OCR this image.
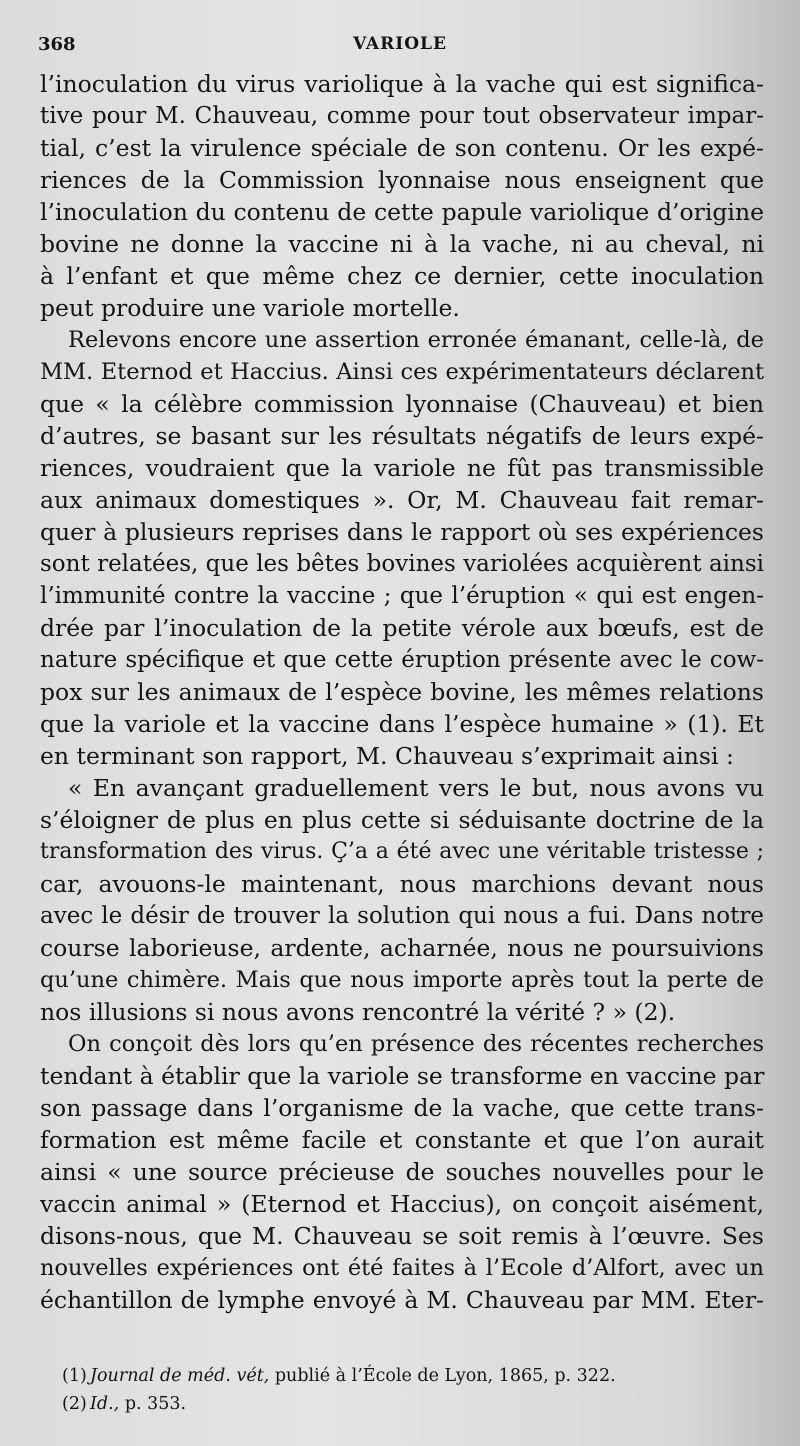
368	VARIOLE
l’inoculation du virus variolique à la vache qui est significa-
tive pour M. Chauveau, comme pour tout observateur impar-
tial, c’est la virulence spéciale de son contenu. Or les expé-
riences de la Commission lyonnaise nous enseignent que
l’inoculation du contenu de cette papule variolique d’origine
bovine ne donne la vaccine ni à la vache, ni au cheval, ni
à l’enfant et que même chez ce dernier, cette inoculation
peut produire une variole mortelle.
Relevons encore une assertion erronée émanant, celle-là, de
MM. Eternod et Haccius. Ainsi ces expérimentateurs déclarent
que « la célèbre commission lyonnaise (Chauveau) et bien
d’autres, se basant sur les résultats négatifs de leurs expé-
riences, voudraient que la variole ne fût pas transmissible
aux animaux domestiques ». Or, M. Chauveau fait remar-
quer à plusieurs reprises dans le rapport où ses expériences
sont relatées, que les bêtes bovines variolées acquièrent ainsi
l’immunité contre la vaccine ; que l’éruption « qui est engen-
drée par l’inoculation de la petite vérole aux bœufs, est de
nature spécifique et que cette éruption présente avec le cow-
pox sur les animaux de l’espèce bovine, les mêmes relations
que la variole et la vaccine dans l’espèce humaine » (1). Et
en terminant son rapport, M. Chauveau s’exprimait ainsi :
« En avançant graduellement vers le but, nous avons vu
s’éloigner de plus en plus cette si séduisante doctrine de la
transformation des virus. Ç’a a été avec une véritable tristesse ;
car, avouons-le maintenant, nous marchions devant nous
avec le désir de trouver la solution qui nous a fui. Dans notre
course laborieuse, ardente, acharnée, nous ne poursuivions
qu’une chimère. Mais que nous importe après tout la perte de
nos illusions si nous avons rencontré la vérité ? » (2).
On conçoit dès lors qu’en présence des récentes recherches
tendant à établir que la variole se transforme en vaccine par
son passage dans l’organisme de la vache, que cette trans-
formation est même facile et constante et que l’on aurait
ainsi « une source précieuse de souches nouvelles pour le
vaccin animal » (Eternod et Haccius), on conçoit aisément,
disons-nous, que M. Chauveau se soit remis à l’œuvre. Ses
nouvelles expériences ont été faites à l’Ecole d’Alfort, avec un
échantillon de lymphe envoyé à M. Chauveau par MM. Eter-
(1) Journal de méd. vét, publié à l’École de Lyon, 1865, p. 322.
(2) Id., p. 353.
